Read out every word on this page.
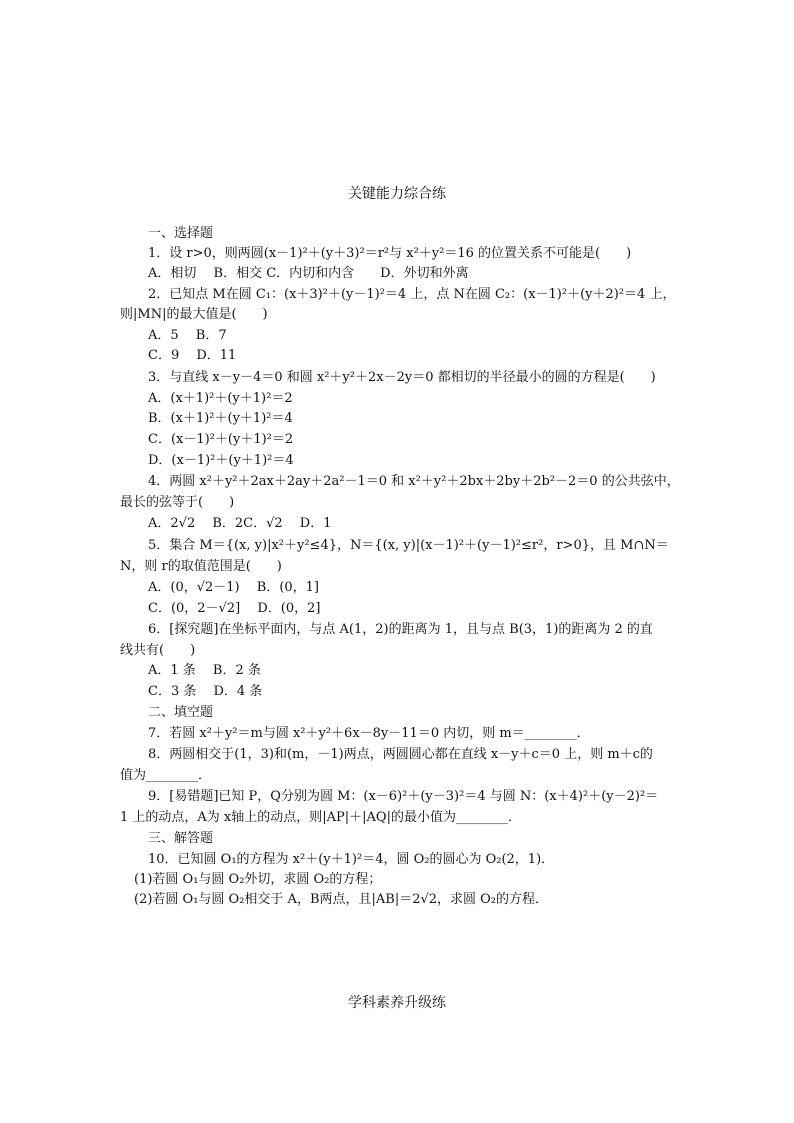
关键能力综合练
一、选择题
1．设 r>0，则两圆(x－1)²＋(y＋3)²＝r²与 x²＋y²＝16 的位置关系不可能是(　　)
A．相切　 B．相交 C．内切和内含　　D．外切和外离
2．已知点 M在圆 C₁：(x＋3)²＋(y－1)²＝4 上，点 N在圆 C₂：(x－1)²＋(y＋2)²＝4 上，
则|MN|的最大值是(　　)
A．5　 B．7
C．9　 D．11
3．与直线 x－y－4＝0 和圆 x²＋y²＋2x－2y＝0 都相切的半径最小的圆的方程是(　　)
A．(x＋1)²＋(y＋1)²＝2
B．(x＋1)²＋(y＋1)²＝4
C．(x－1)²＋(y＋1)²＝2
D．(x－1)²＋(y＋1)²＝4
4．两圆 x²＋y²＋2ax＋2ay＋2a²－1＝0 和 x²＋y²＋2bx＋2by＋2b²－2＝0 的公共弦中，
最长的弦等于(　　)
A．2√2　 B．2C．√2　 D．1
5．集合 M＝{(x, y)|x²＋y²≤4}，N＝{(x, y)|(x－1)²＋(y－1)²≤r²，r>0}，且 M∩N＝
N，则 r的取值范围是(　　)
A．(0，√2－1)　 B．(0，1]
C．(0，2－√2]　 D．(0，2]
6．[探究题]在坐标平面内，与点 A(1，2)的距离为 1，且与点 B(3，1)的距离为 2 的直
线共有(　　)
A．1 条　 B．2 条
C．3 条　 D．4 条
二、填空题
7．若圆 x²＋y²＝m与圆 x²＋y²＋6x－8y－11＝0 内切，则 m＝________．
8．两圆相交于(1，3)和(m，－1)两点，两圆圆心都在直线 x－y＋c＝0 上，则 m＋c的
值为________．
9．[易错题]已知 P，Q分别为圆 M：(x－6)²＋(y－3)²＝4 与圆 N：(x＋4)²＋(y－2)²＝
1 上的动点，A为 x轴上的动点，则|AP|＋|AQ|的最小值为________．
三、解答题
10．已知圆 O₁的方程为 x²＋(y＋1)²＝4，圆 O₂的圆心为 O₂(2，1)．
(1)若圆 O₁与圆 O₂外切，求圆 O₂的方程；
(2)若圆 O₁与圆 O₂相交于 A，B两点，且|AB|＝2√2，求圆 O₂的方程．
学科素养升级练
